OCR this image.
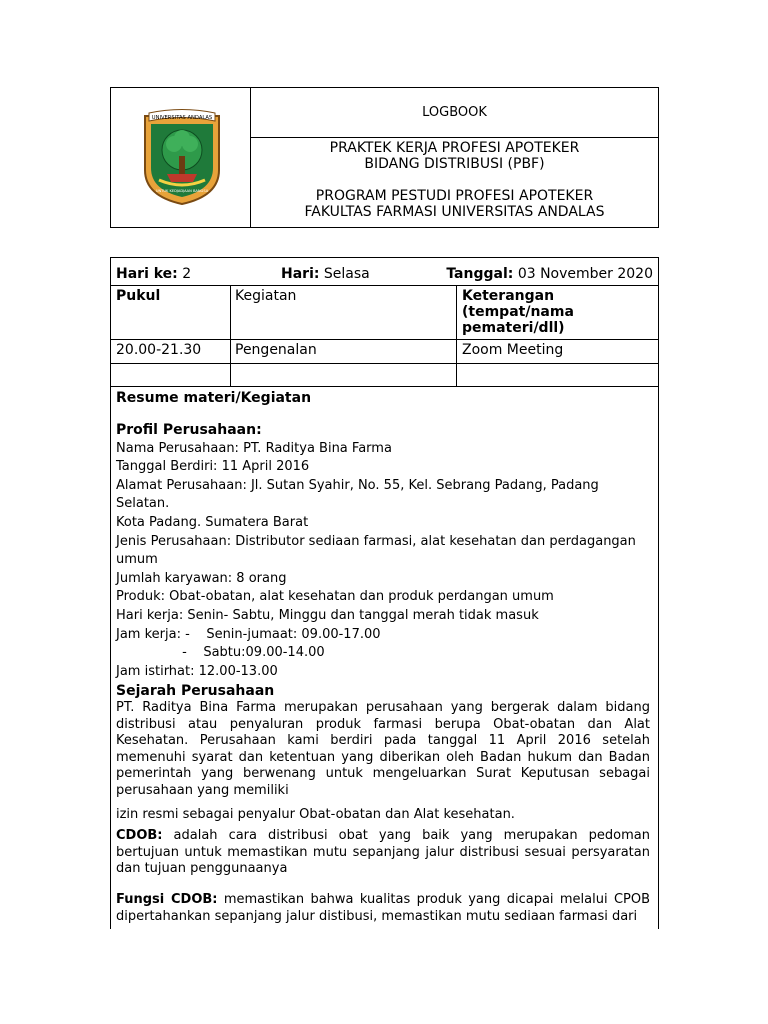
UNIVERSITAS ANDALAS
UNTUK KEDJADJAAN BANGSA
LOGBOOK
PRAKTEK KERJA PROFESI APOTEKER
BIDANG DISTRIBUSI (PBF)
PROGRAM PESTUDI PROFESI APOTEKER
FAKULTAS FARMASI UNIVERSITAS ANDALAS
Hari ke: 2	Hari: Selasa	Tanggal: 03 November 2020
Pukul	Kegiatan	Keterangan
(tempat/nama
pemateri/dll)
20.00-21.30 Pengenalan	Zoom Meeting
Resume materi/Kegiatan
Profil Perusahaan:
Nama Perusahaan: PT. Raditya Bina Farma
Tanggal Berdiri: 11 April 2016
Alamat Perusahaan: Jl. Sutan Syahir, No. 55, Kel. Sebrang Padang, Padang Selatan.
Kota Padang. Sumatera Barat
Jenis Perusahaan: Distributor sediaan farmasi, alat kesehatan dan perdagangan
umum
Jumlah karyawan: 8 orang
Produk: Obat-obatan, alat kesehatan dan produk perdangan umum
Hari kerja: Senin- Sabtu, Minggu dan tanggal merah tidak masuk
Jam kerja: -    Senin-jumaat: 09.00-17.00
-    Sabtu:09.00-14.00
Jam istirhat: 12.00-13.00
Sejarah Perusahaan
PT. Raditya Bina Farma merupakan perusahaan yang bergerak dalam bidang distribusi atau penyaluran produk farmasi berupa Obat-obatan dan Alat Kesehatan. Perusahaan kami berdiri pada tanggal 11 April 2016 setelah memenuhi syarat dan ketentuan yang diberikan oleh Badan hukum dan Badan pemerintah yang berwenang untuk mengeluarkan Surat Keputusan sebagai perusahaan yang memiliki
izin resmi sebagai penyalur Obat-obatan dan Alat kesehatan.
CDOB: adalah cara distribusi obat yang baik yang merupakan pedoman bertujuan untuk memastikan mutu sepanjang jalur distribusi sesuai persyaratan dan tujuan penggunaanya
Fungsi CDOB: memastikan bahwa kualitas produk yang dicapai melalui CPOB dipertahankan sepanjang jalur distibusi, memastikan mutu sediaan farmasi dari
